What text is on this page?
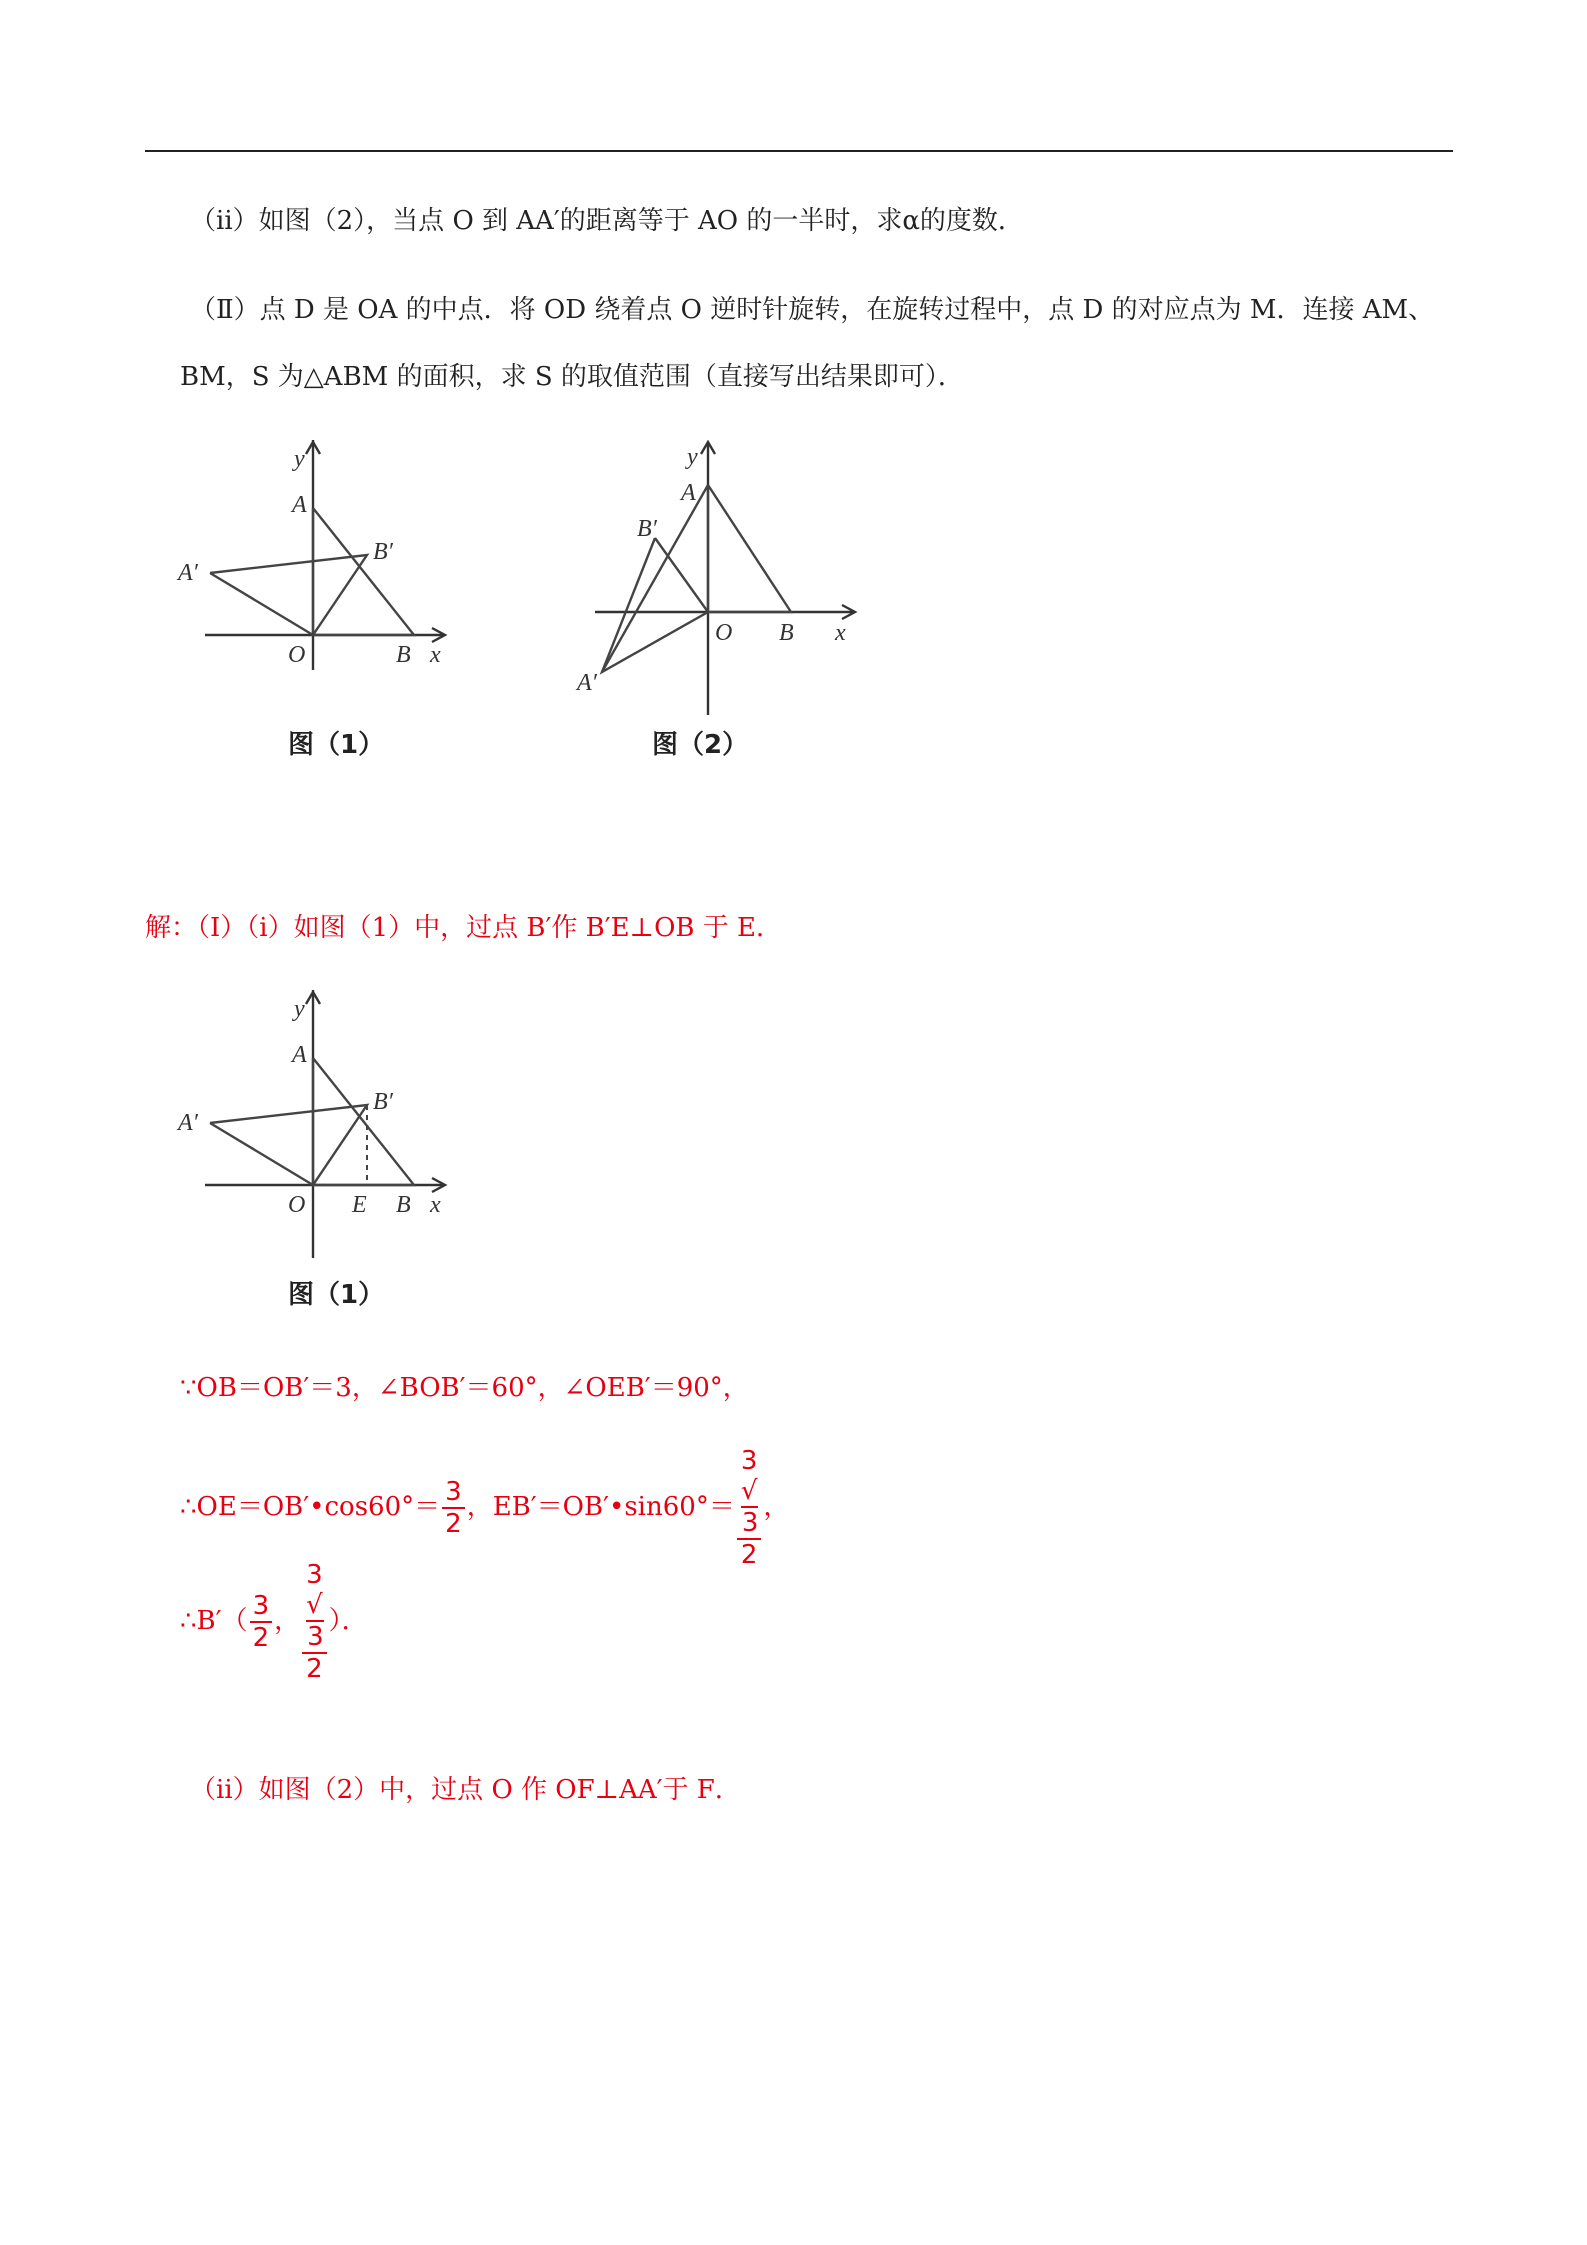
（ii）如图（2），当点 O 到 AA′的距离等于 AO 的一半时，求α的度数．
（Ⅱ）点 D 是 OA 的中点．将 OD 绕着点 O 逆时针旋转，在旋转过程中，点 D 的对应点为 M．连接 AM、
BM，S 为△ABM 的面积，求 S 的取值范围（直接写出结果即可）．
y
A
A′
B′
O	B x
图（1）
y
A
B′
A′
O B x
图（2）
解：（Ⅰ）（i）如图（1）中，过点 B′作 B′E⊥OB 于 E．
y
A
A′
B′
O E B x
图（1）
∵OB＝OB′＝3，∠BOB′＝60°，∠OEB′＝90°，
∴OE＝OB′•cos60°＝ $\frac{3}{2}$ ，EB′＝OB′•sin60°＝ 3
√
3
2 ，
∴B′（ $\frac{3}{2}$ ， 3
√
3
2 ）．
（ii）如图（2）中，过点 O 作 OF⊥AA′于 F．
